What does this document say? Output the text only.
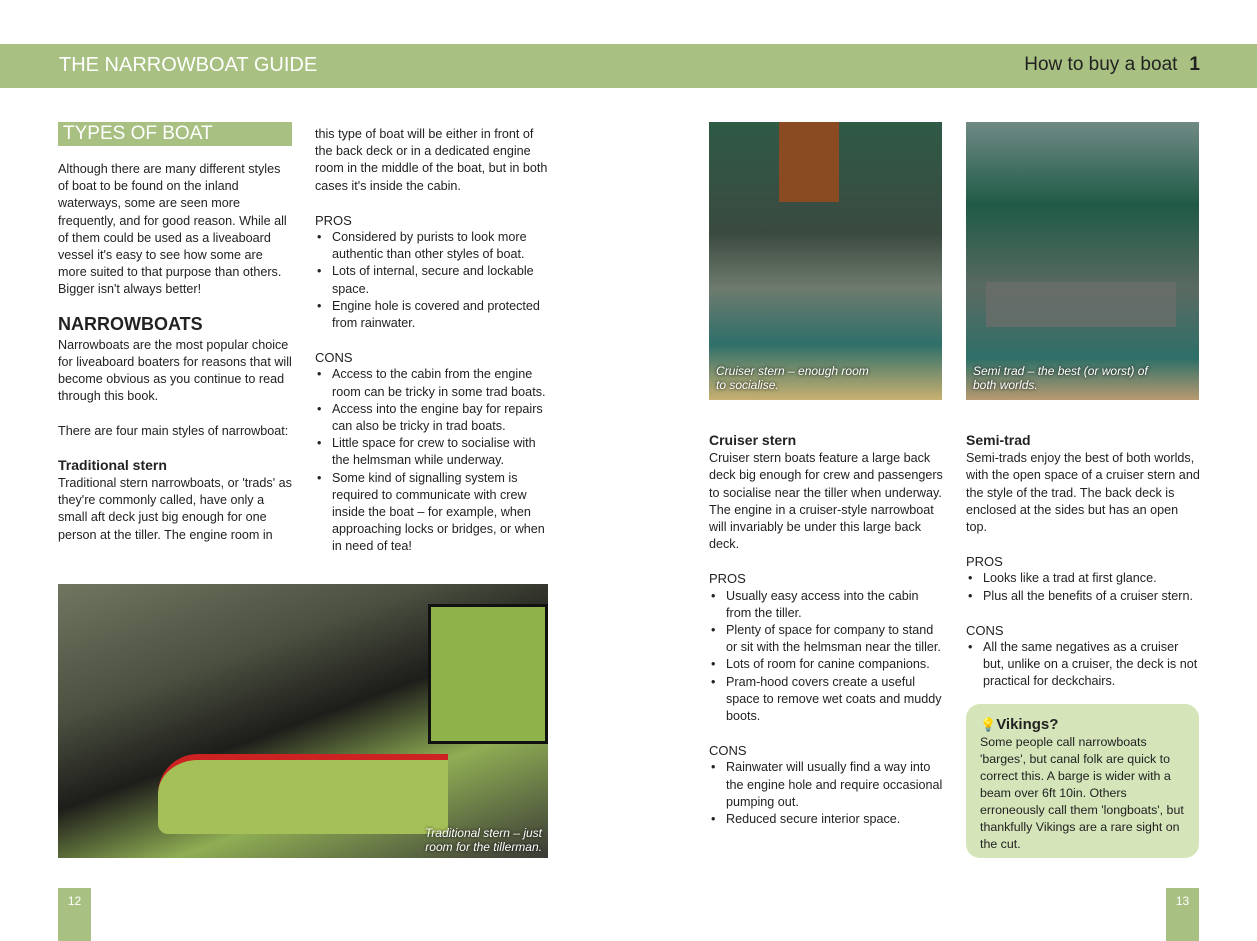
THE NARROWBOAT GUIDE	How to buy a boat 1
TYPES OF BOAT

Although there are many different styles of boat to be found on the inland waterways, some are seen more frequently, and for good reason. While all of them could be used as a liveaboard vessel it's easy to see how some are more suited to that purpose than others. Bigger isn't always better!

NARROWBOATS

Narrowboats are the most popular choice for liveaboard boaters for reasons that will become obvious as you continue to read through this book.

There are four main styles of narrowboat:

Traditional stern

Traditional stern narrowboats, or 'trads' as they're commonly called, have only a small aft deck just big enough for one person at the tiller. The engine room in

this type of boat will be either in front of the back deck or in a dedicated engine room in the middle of the boat, but in both cases it's inside the cabin.

PROS
• Considered by purists to look more authentic than other styles of boat.
• Lots of internal, secure and lockable space.
• Engine hole is covered and protected from rainwater.
CONS
• Access to the cabin from the engine room can be tricky in some trad boats.
• Access into the engine bay for repairs can also be tricky in trad boats.
• Little space for crew to socialise with the helmsman while underway.
• Some kind of signalling system is required to communicate with crew inside the boat – for example, when approaching locks or bridges, or when in need of tea!
Traditional stern – just room for the tillerman.
Cruiser stern – enough room to socialise.
Semi trad – the best (or worst) of both worlds.
Cruiser stern

Cruiser stern boats feature a large back deck big enough for crew and passengers to socialise near the tiller when underway. The engine in a cruiser-style narrowboat will invariably be under this large back deck.

PROS
• Usually easy access into the cabin from the tiller.
• Plenty of space for company to stand or sit with the helmsman near the tiller.
• Lots of room for canine companions.
• Pram-hood covers create a useful space to remove wet coats and muddy boots.
CONS
• Rainwater will usually find a way into the engine hole and require occasional pumping out.
• Reduced secure interior space.
Semi-trad

Semi-trads enjoy the best of both worlds, with the open space of a cruiser stern and the style of the trad. The back deck is enclosed at the sides but has an open top.

PROS
• Looks like a trad at first glance.
• Plus all the benefits of a cruiser stern.
CONS
• All the same negatives as a cruiser but, unlike on a cruiser, the deck is not practical for deckchairs.
💡Vikings?
Some people call narrowboats 'barges', but canal folk are quick to correct this. A barge is wider with a beam over 6ft 10in. Others erroneously call them 'longboats', but thankfully Vikings are a rare sight on the cut.
12	13
